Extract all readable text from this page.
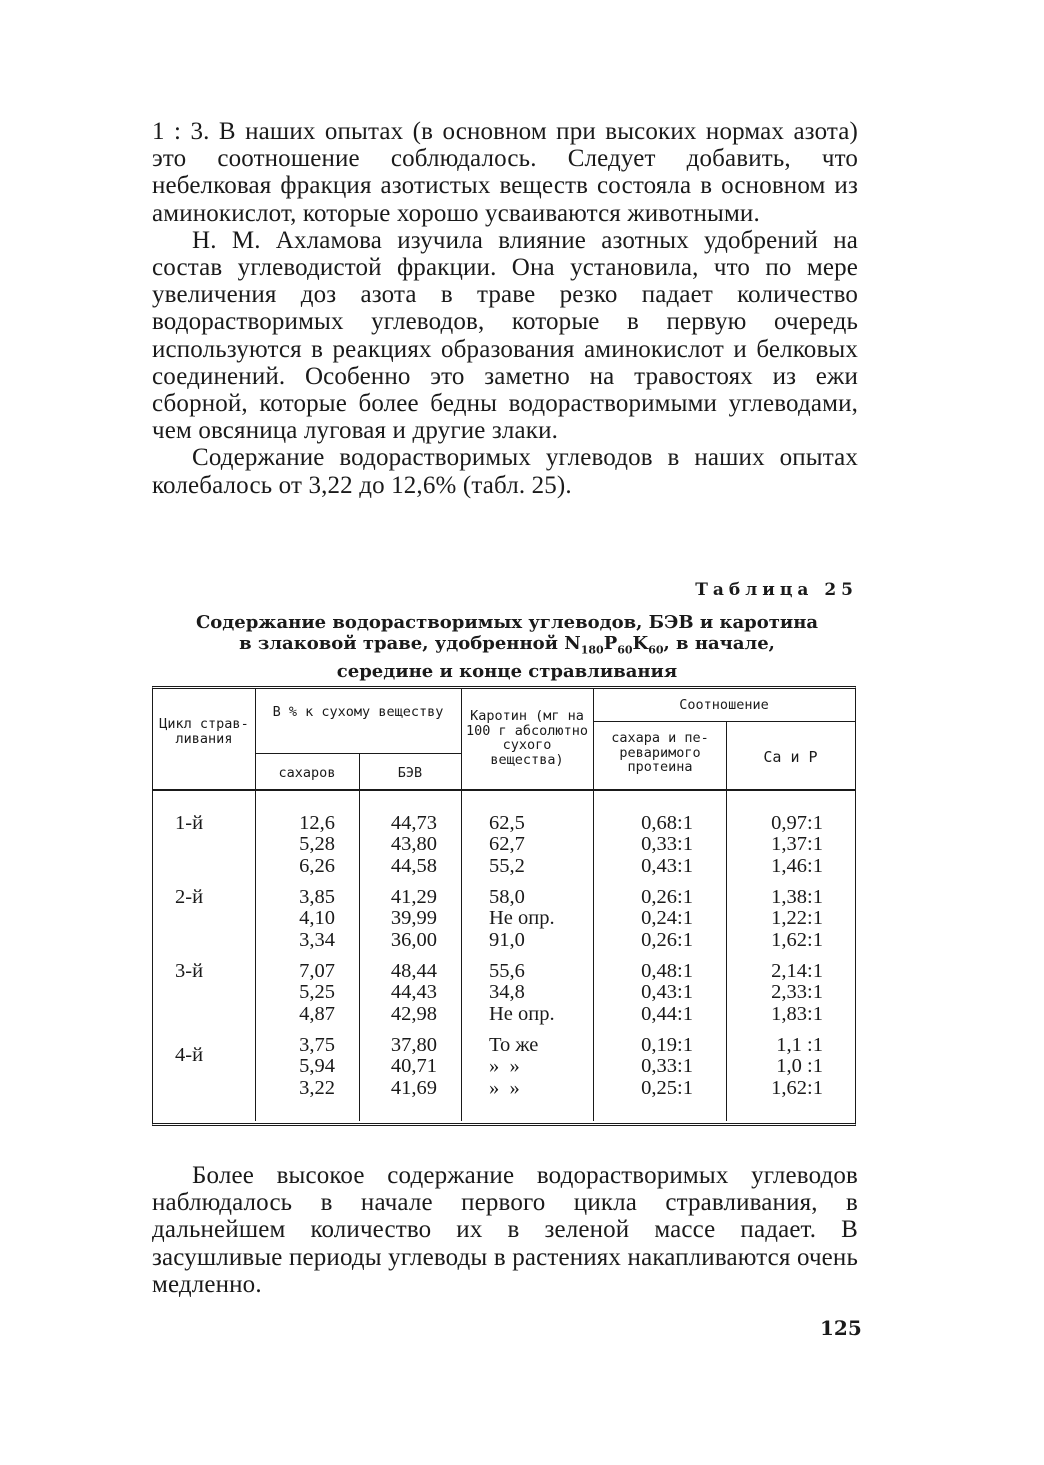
1 : 3. В наших опытах (в основном при высоких нормах азота) это соотношение соблюдалось. Следует добавить, что небелковая фракция азотистых веществ состояла в основном из аминокислот, которые хорошо усваиваются животными.

Н. М. Ахламова изучила влияние азотных удобрений на состав углеводистой фракции. Она установила, что по мере увеличения доз азота в траве резко падает количество водорастворимых углеводов, которые в первую очередь используются в реакциях образования аминокислот и белковых соединений. Особенно это заметно на травостоях из ежи сборной, которые более бедны водорастворимыми углеводами, чем овсяница луговая и другие злаки.

Содержание водорастворимых углеводов в наших опытах колебалось от 3,22 до 12,6% (табл. 25).

Таблица 25
Содержание водорастворимых углеводов, БЭВ и каротина
в злаковой траве, удобренной $N_{180}P_{60}K_{60}$, в начале,
середине и конце стравливания
Цикл стравливания
В % к сухому веществу
сахаров	БЭВ
Каротин (мг на 100 г абсолютно сухого вещества)
Соотношение
сахара и переваримого протеина
Са и Р
1-й
2-й
3-й
4-й
12,6
5,28
6,26
3,85
4,10
3,34
7,07
5,25
4,87
3,75
5,94
3,22
44,73
43,80
44,58
41,29
39,99
36,00
48,44
44,43
42,98
37,80
40,71
41,69
62,5
62,7
55,2
58,0
Не опр.
91,0
55,6
34,8
Не опр.
То же
»  »
»  »
0,68:1
0,33:1
0,43:1
0,26:1
0,24:1
0,26:1
0,48:1
0,43:1
0,44:1
0,19:1
0,33:1
0,25:1
0,97:1
1,37:1
1,46:1
1,38:1
1,22:1
1,62:1
2,14:1
2,33:1
1,83:1
1,1 :1
1,0 :1
1,62:1

Более высокое содержание водорастворимых углеводов наблюдалось в начале первого цикла стравливания, в дальнейшем количество их в зеленой массе падает. В засушливые периоды углеводы в растениях накапливаются очень медленно.

125
